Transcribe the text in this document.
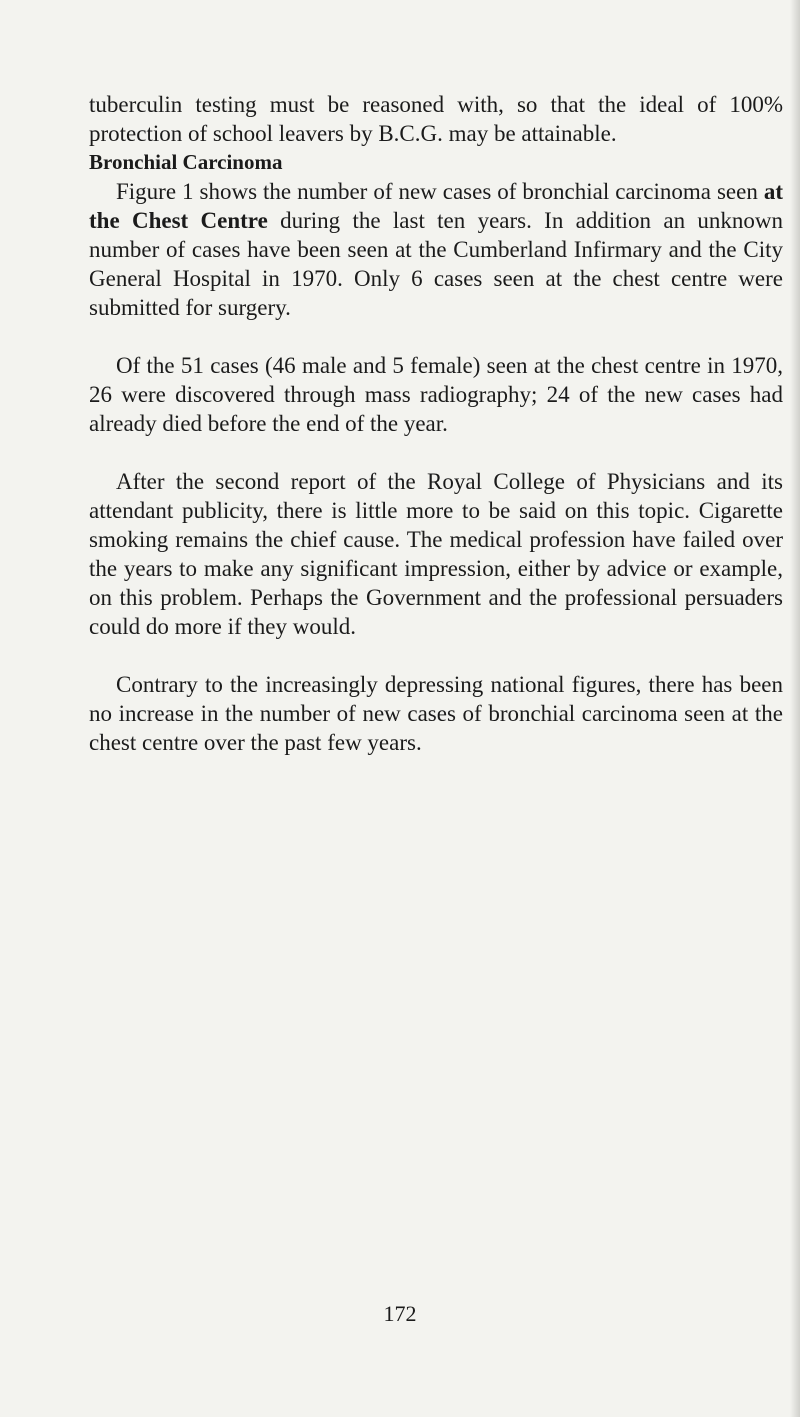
tuberculin testing must be reasoned with, so that the ideal of 100% protection of school leavers by B.C.G. may be attainable.

Bronchial Carcinoma

Figure 1 shows the number of new cases of bronchial carcinoma seen at the Chest Centre during the last ten years. In addition an unknown number of cases have been seen at the Cumberland Infirmary and the City General Hospital in 1970. Only 6 cases seen at the chest centre were submitted for surgery.

Of the 51 cases (46 male and 5 female) seen at the chest centre in 1970, 26 were discovered through mass radiography; 24 of the new cases had already died before the end of the year.

After the second report of the Royal College of Physicians and its attendant publicity, there is little more to be said on this topic. Cigarette smoking remains the chief cause. The medical profession have failed over the years to make any significant impression, either by advice or example, on this problem. Perhaps the Government and the professional persuaders could do more if they would.

Contrary to the increasingly depressing national figures, there has been no increase in the number of new cases of bronchial carcinoma seen at the chest centre over the past few years.

172
